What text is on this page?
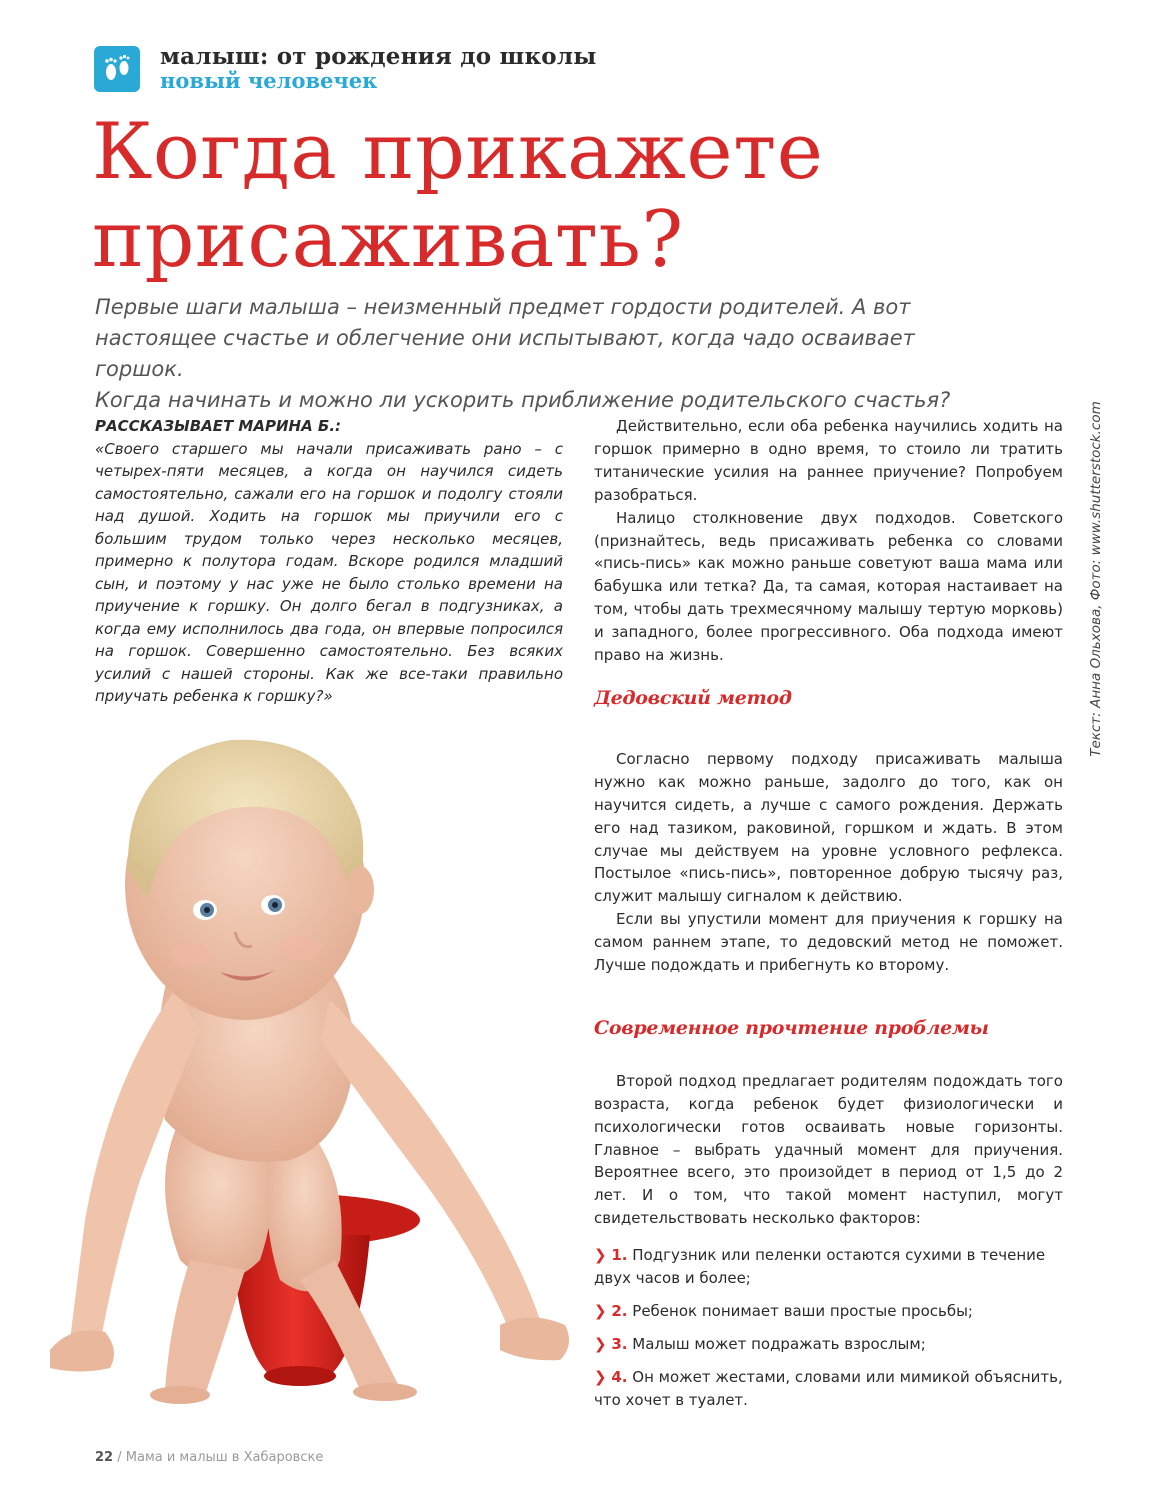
малыш: от рождения до школы
новый человечек
Когда прикажете
присаживать?

Первые шаги малыша – неизменный предмет гордости родителей. А вот
настоящее счастье и облегчение они испытывают, когда чадо осваивает горшок.
Когда начинать и можно ли ускорить приближение родительского счастья?

РАССКАЗЫВАЕТ МАРИНА Б.:

«Своего старшего мы начали присаживать рано – с четырех-пяти месяцев, а когда он научился сидеть самостоятельно, сажали его на горшок и подолгу стояли над душой. Ходить на горшок мы приучили его с большим трудом только через несколько месяцев, примерно к полутора годам. Вскоре родился младший сын, и поэтому у нас уже не было столько времени на приучение к горшку. Он долго бегал в подгузниках, а когда ему исполнилось два года, он впервые попросился на горшок. Совершенно самостоятельно. Без всяких усилий с нашей стороны. Как же все-таки правильно приучать ребенка к горшку?»

Действительно, если оба ребенка научились ходить на горшок примерно в одно время, то стоило ли тратить титанические усилия на раннее приучение? Попробуем разобраться.

Налицо столкновение двух подходов. Советского (признайтесь, ведь присаживать ребенка со словами «пись-пись» как можно раньше советуют ваша мама или бабушка или тетка? Да, та самая, которая настаивает на том, чтобы дать трехмесячному малышу тертую морковь) и западного, более прогрессивного. Оба подхода имеют право на жизнь.

Дедовский метод

Согласно первому подходу присаживать малыша нужно как можно раньше, задолго до того, как он научится сидеть, а лучше с самого рождения. Держать его над тазиком, раковиной, горшком и ждать. В этом случае мы действуем на уровне условного рефлекса. Постылое «пись-пись», повторенное добрую тысячу раз, служит малышу сигналом к действию.

Если вы упустили момент для приучения к горшку на самом раннем этапе, то дедовский метод не поможет. Лучше подождать и прибегнуть ко второму.

Современное прочтение проблемы

Второй подход предлагает родителям подождать того возраста, когда ребенок будет физиологически и психологически готов осваивать новые горизонты. Главное – выбрать удачный момент для приучения. Вероятнее всего, это произойдет в период от 1,5 до 2 лет. И о том, что такой момент наступил, могут свидетельствовать несколько факторов:

❯ 1. Подгузник или пеленки остаются сухими в течение двух часов и более;
❯ 2. Ребенок понимает ваши простые просьбы;
❯ 3. Малыш может подражать взрослым;
❯ 4. Он может жестами, словами или мимикой объяснить, что хочет в туалет.
Текст: Анна Ольхова, Фото: www.shutterstock.com
22 / Мама и малыш в Хабаровске
